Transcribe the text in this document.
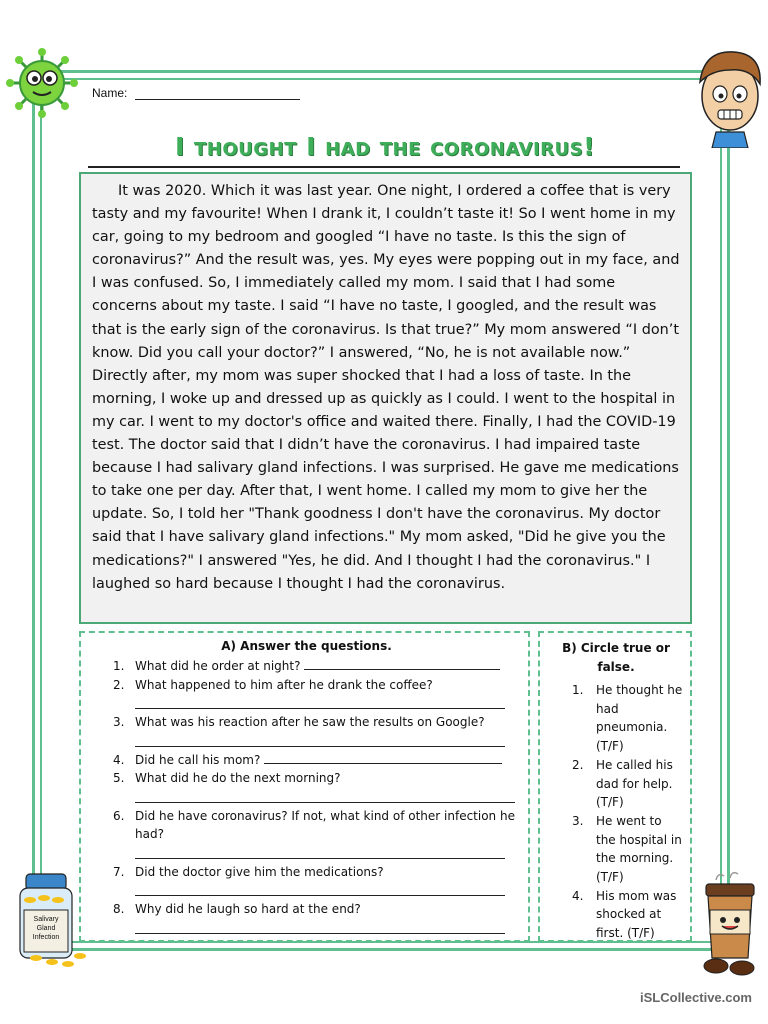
Name:
I thought I had the coronavirus!

It was 2020. Which it was last year. One night, I ordered a coffee that is very tasty and my favourite! When I drank it, I couldn’t taste it! So I went home in my car, going to my bedroom and googled “I have no taste. Is this the sign of coronavirus?” And the result was, yes. My eyes were popping out in my face, and I was confused. So, I immediately called my mom. I said that I had some concerns about my taste. I said “I have no taste, I googled, and the result was that is the early sign of the coronavirus. Is that true?” My mom answered “I don’t know. Did you call your doctor?” I answered, “No, he is not available now.” Directly after, my mom was super shocked that I had a loss of taste. In the morning, I woke up and dressed up as quickly as I could. I went to the hospital in my car. I went to my doctor's office and waited there. Finally, I had the COVID-19 test. The doctor said that I didn’t have the coronavirus. I had impaired taste because I had salivary gland infections. I was surprised. He gave me medications to take one per day. After that, I went home. I called my mom to give her the update. So, I told her "Thank goodness I don't have the coronavirus. My doctor said that I have salivary gland infections." My mom asked, "Did he give you the medications?" I answered "Yes, he did. And I thought I had the coronavirus." I laughed so hard because I thought I had the coronavirus.

A) Answer the questions.
1. What did he order at night?
2. What happened to him after he drank the coffee?
3. What was his reaction after he saw the results on Google?
4. Did he call his mom?
5. What did he do the next morning?
6. Did he have coronavirus? If not, what kind of other infection he had?
7. Did the doctor give him the medications?
8. Why did he laugh so hard at the end?
B) Circle true or false.
1. He thought he had pneumonia. (T/F)
2. He called his dad for help. (T/F)
3. He went to the hospital in the morning. (T/F)
4. His mom was shocked at first. (T/F)
Salivary Gland Infection
iSLCollective.com
